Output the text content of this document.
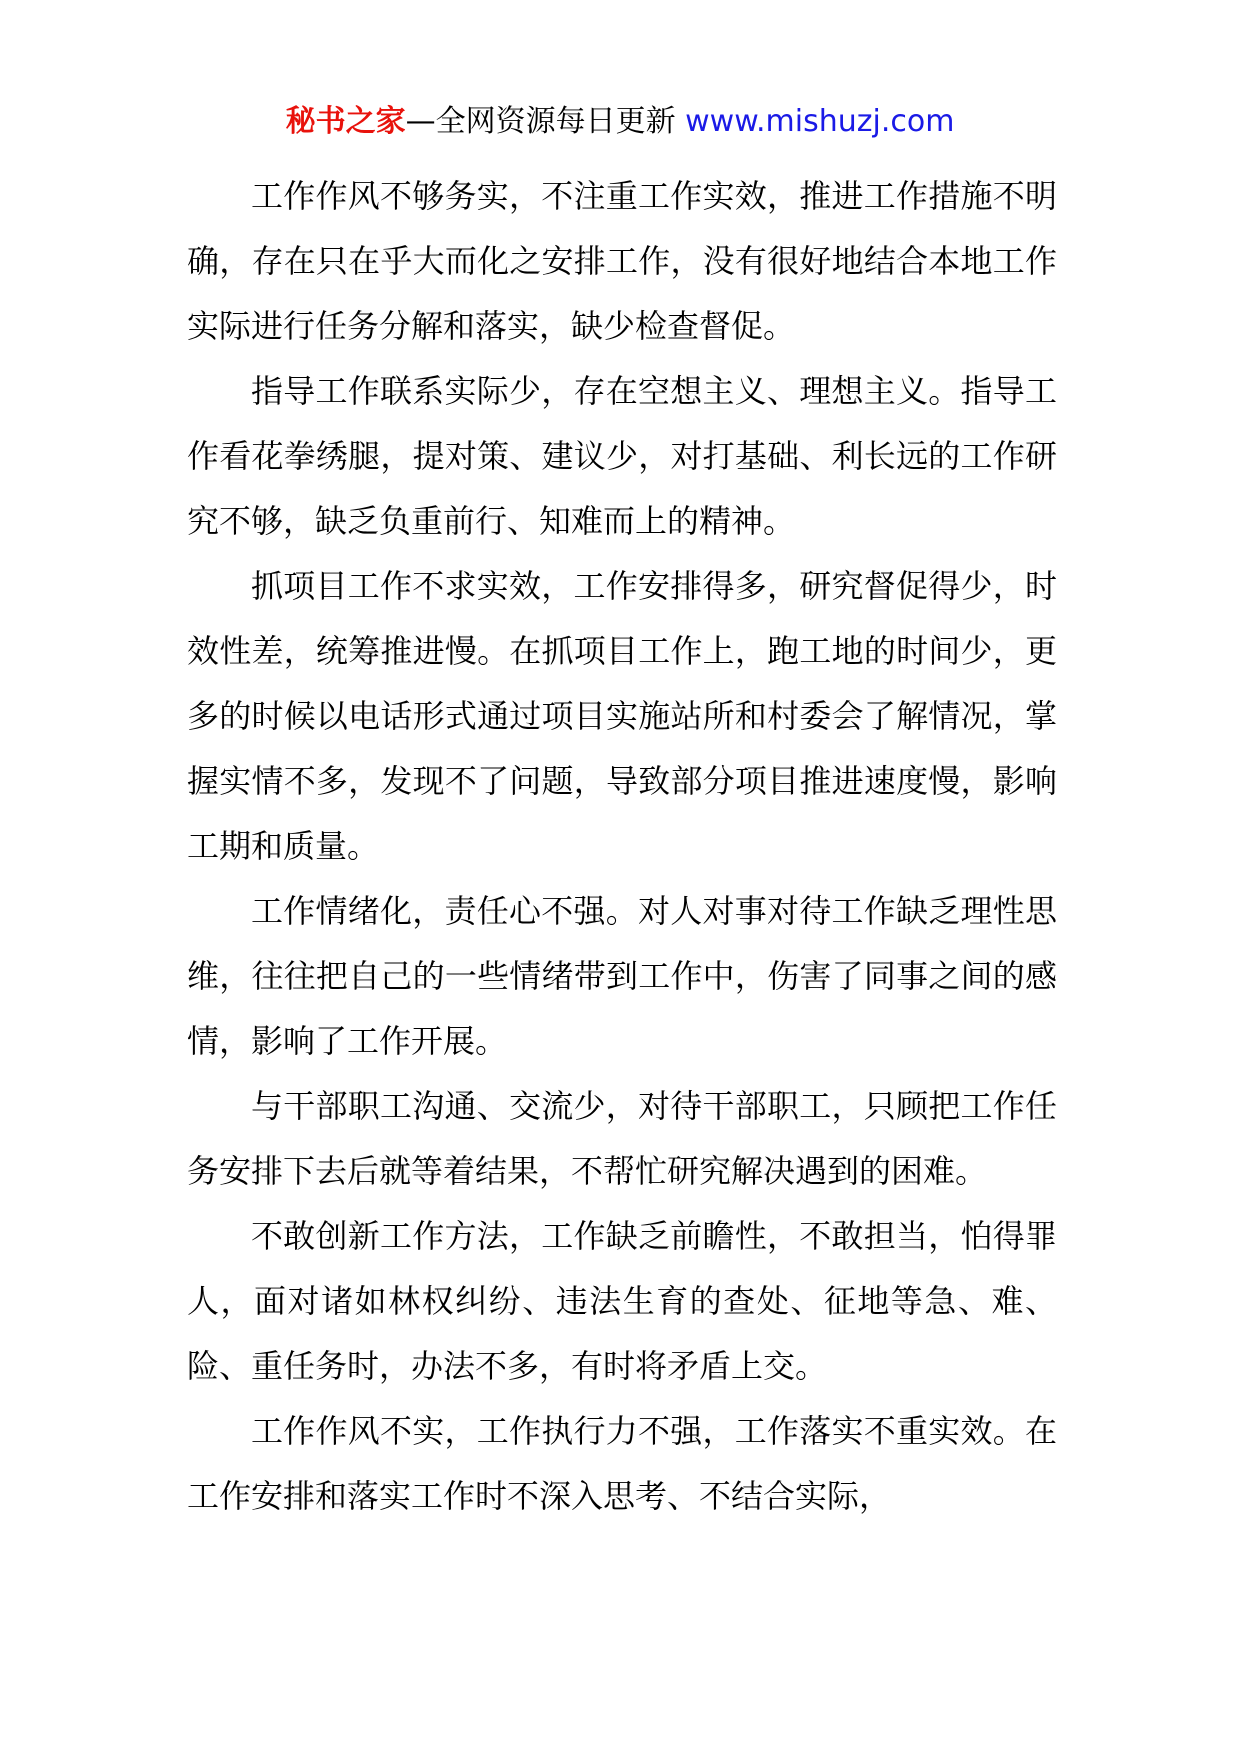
秘书之家—全网资源每日更新 www.mishuzj.com

工作作风不够务实，不注重工作实效，推进工作措施不明确，存在只在乎大而化之安排工作，没有很好地结合本地工作实际进行任务分解和落实，缺少检查督促。

指导工作联系实际少，存在空想主义、理想主义。指导工作看花拳绣腿，提对策、建议少，对打基础、利长远的工作研究不够，缺乏负重前行、知难而上的精神。

抓项目工作不求实效，工作安排得多，研究督促得少，时效性差，统筹推进慢。在抓项目工作上，跑工地的时间少，更多的时候以电话形式通过项目实施站所和村委会了解情况，掌握实情不多，发现不了问题，导致部分项目推进速度慢，影响工期和质量。

工作情绪化，责任心不强。对人对事对待工作缺乏理性思维，往往把自己的一些情绪带到工作中，伤害了同事之间的感情，影响了工作开展。

与干部职工沟通、交流少，对待干部职工，只顾把工作任务安排下去后就等着结果，不帮忙研究解决遇到的困难。

不敢创新工作方法，工作缺乏前瞻性，不敢担当，怕得罪人，面对诸如林权纠纷、违法生育的查处、征地等急、难、险、重任务时，办法不多，有时将矛盾上交。

工作作风不实，工作执行力不强，工作落实不重实效。在工作安排和落实工作时不深入思考、不结合实际，
